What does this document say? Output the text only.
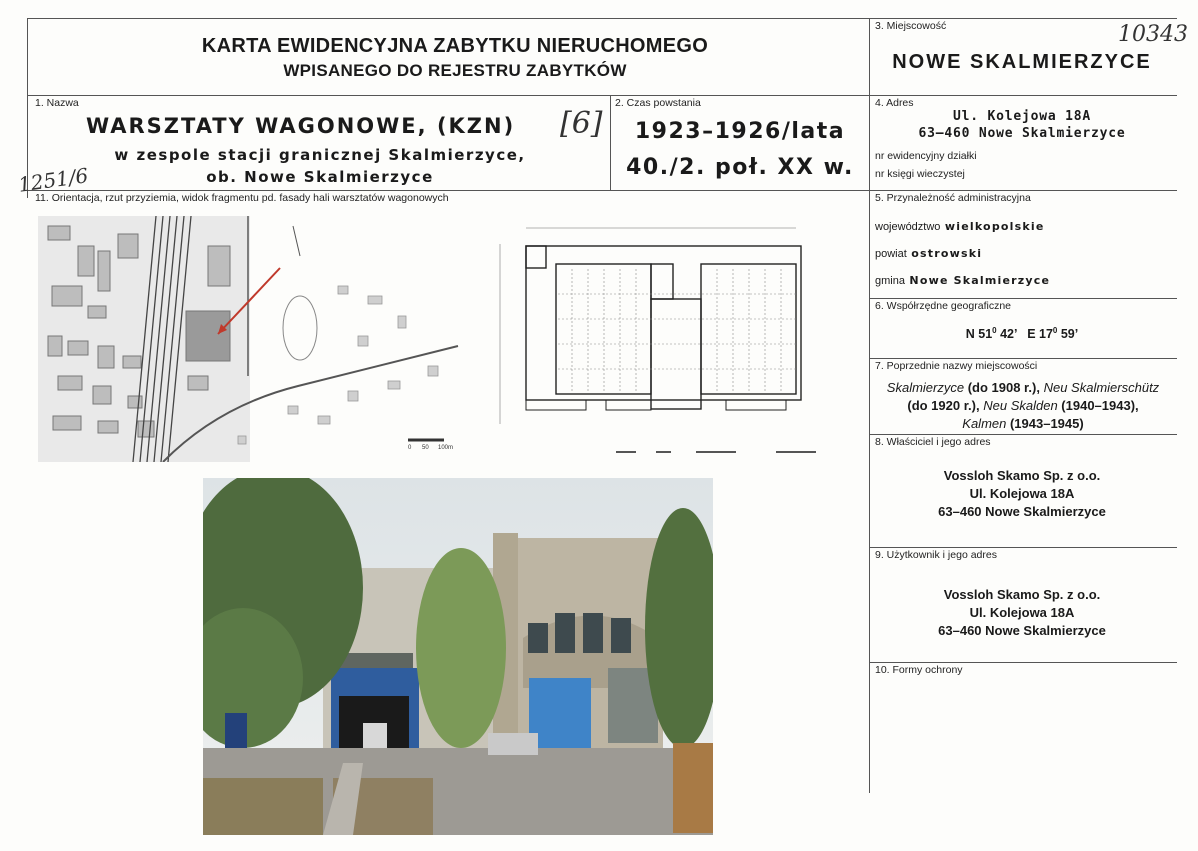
KARTA EWIDENCYJNA ZABYTKU NIERUCHOMEGO
WPISANEGO DO REJESTRU ZABYTKÓW
3. Miejscowość	10343
NOWE SKALMIERZYCE
1. Nazwa
WARSZTATY WAGONOWE, (KZN) [6]
w zespole stacji granicznej Skalmierzyce,
ob. Nowe Skalmierzyce
1251/6
2. Czas powstania
1923–1926/lata
40./2. poł. XX w.
4. Adres
Ul. Kolejowa 18A
63–460 Nowe Skalmierzyce
nr ewidencyjny działki
nr księgi wieczystej
11. Orientacja, rzut przyziemia, widok fragmentu pd. fasady hali warsztatów wagonowych
0 50 100m
5. Przynależność administracyjna
województwo wielkopolskie
powiat ostrowski
gmina Nowe Skalmierzyce
6. Współrzędne geograficzne
N $51^0$ 42’ E $17^0$ 59’
7. Poprzednie nazwy miejscowości
Skalmierzyce (do 1908 r.), Neu Skalmierschütz
(do 1920 r.), Neu Skalden (1940–1943),
Kalmen (1943–1945)
8. Właściciel i jego adres
Vossloh Skamo Sp. z o.o.
Ul. Kolejowa 18A
63–460 Nowe Skalmierzyce
9. Użytkownik i jego adres
Vossloh Skamo Sp. z o.o.
Ul. Kolejowa 18A
63–460 Nowe Skalmierzyce
10. Formy ochrony
